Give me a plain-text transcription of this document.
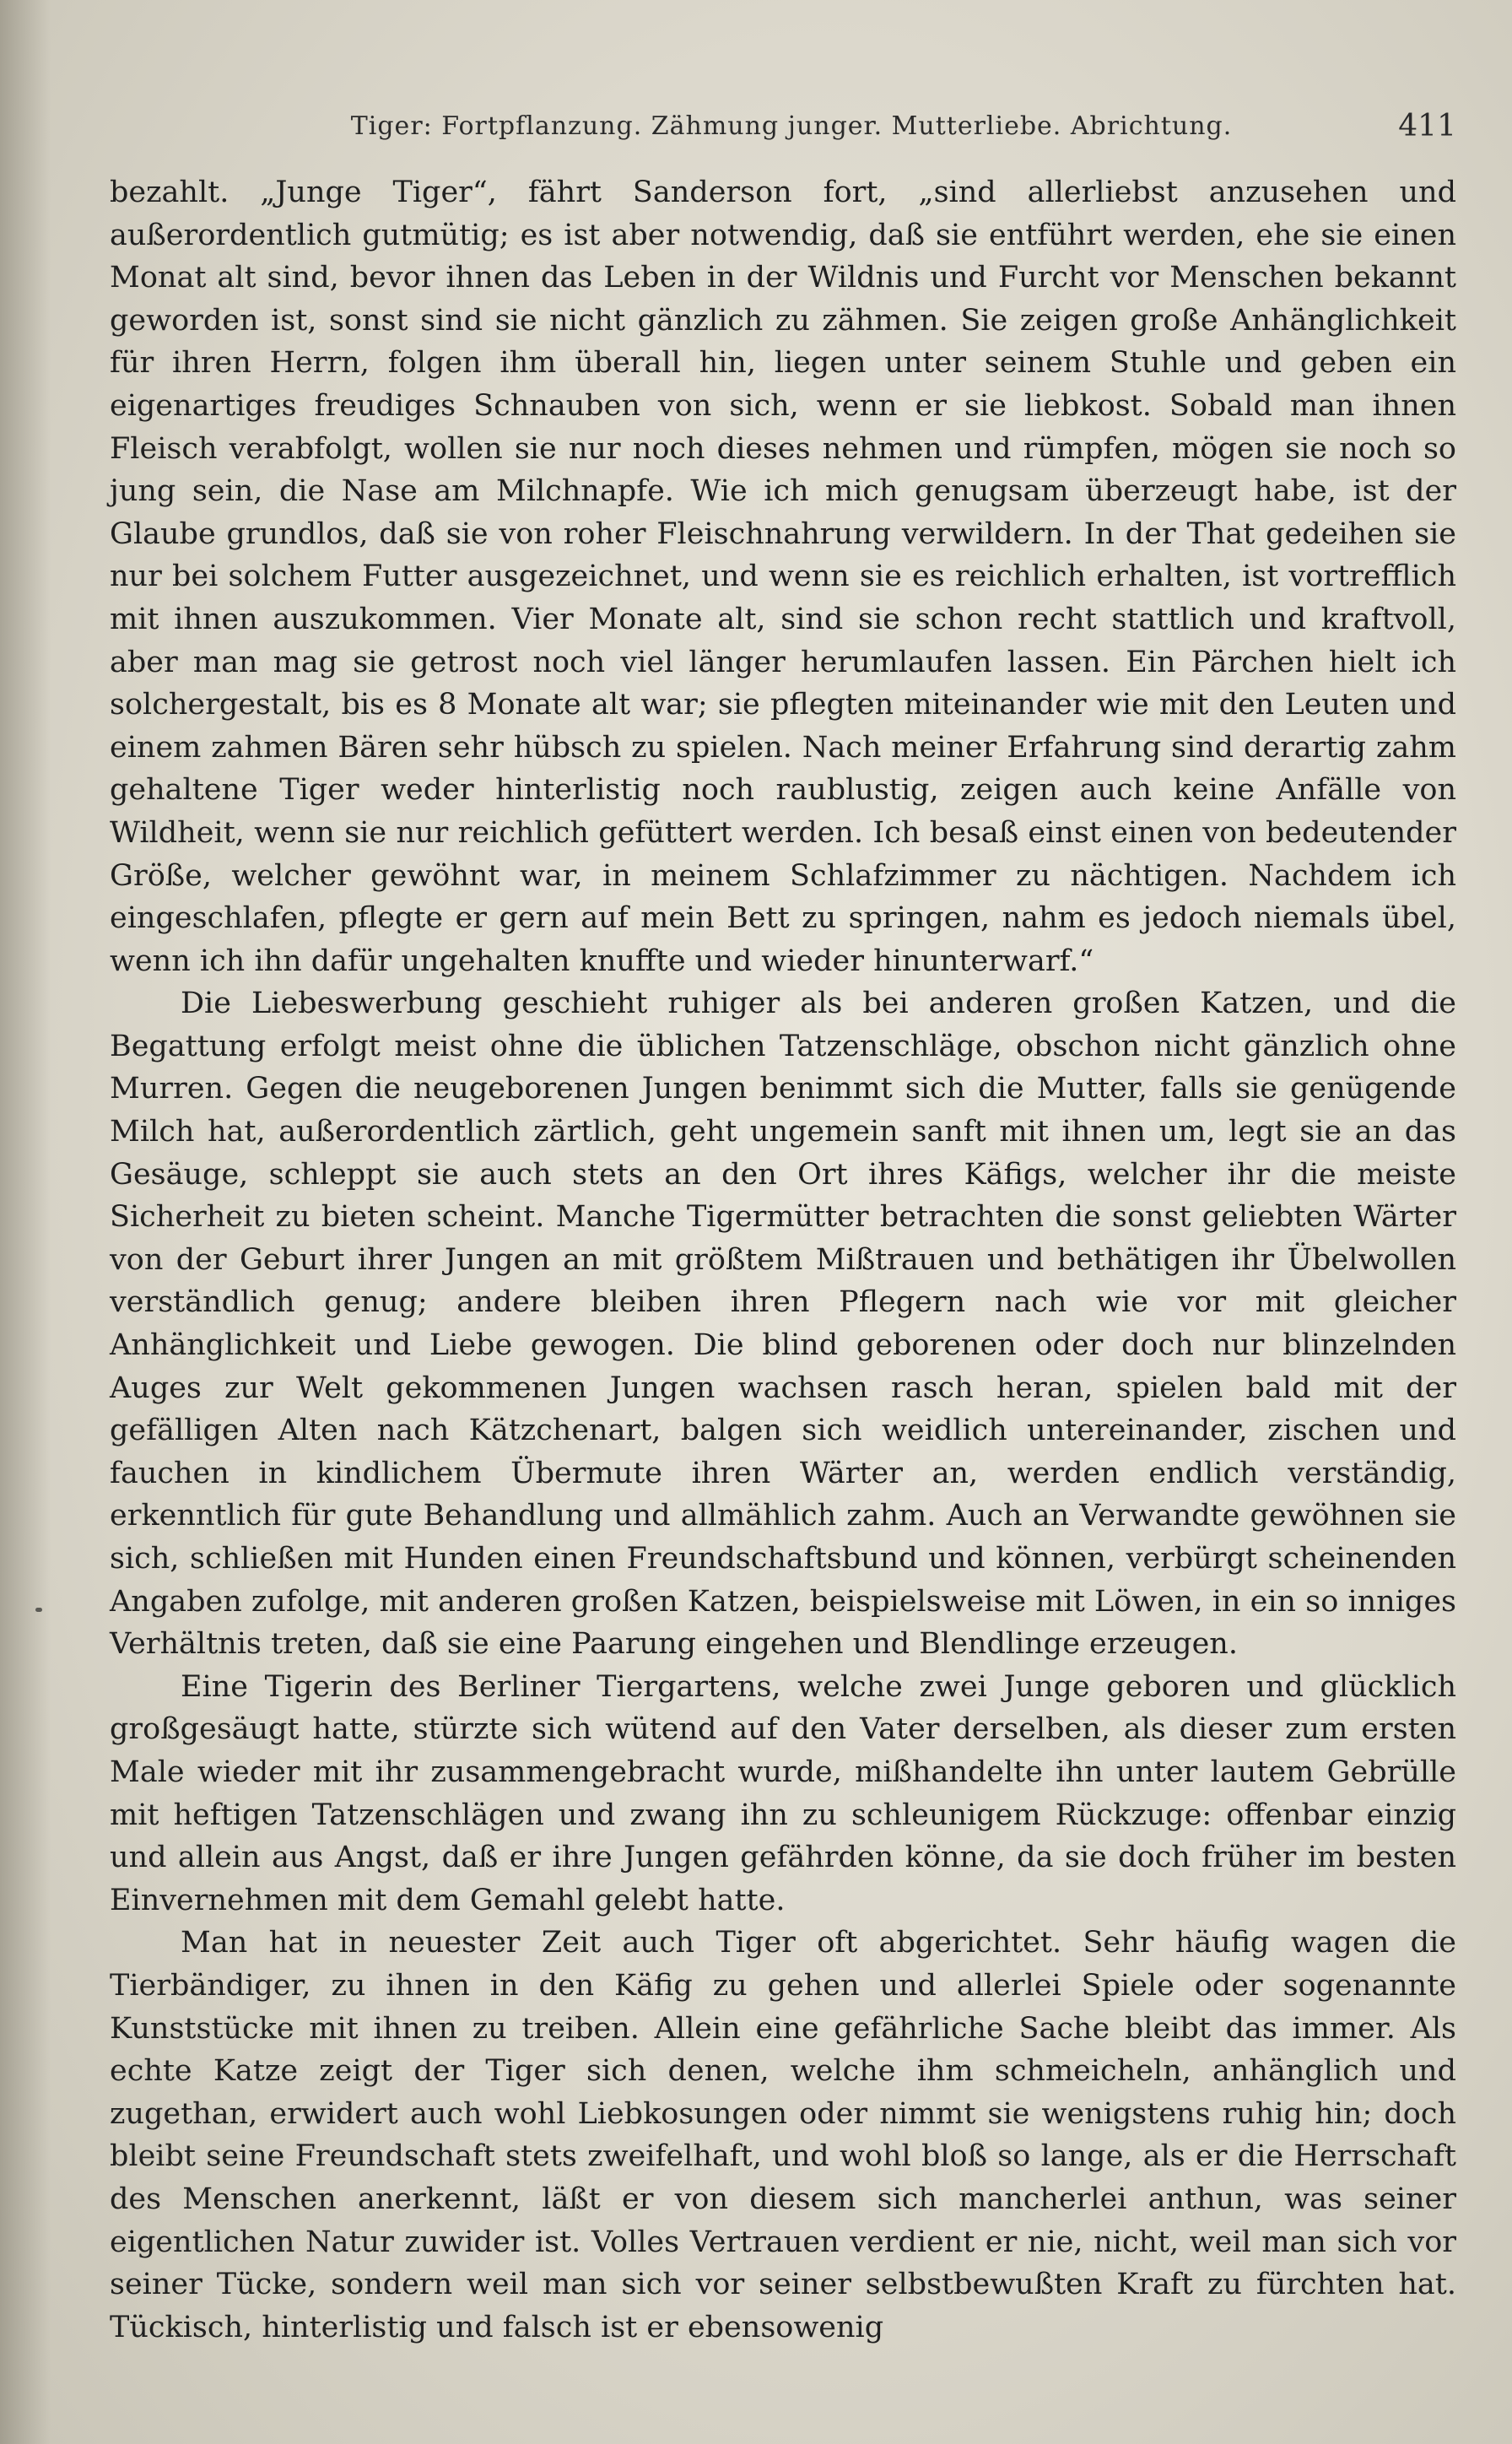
Tiger: Fortpflanzung. Zähmung junger. Mutterliebe. Abrichtung.	411

bezahlt. „Junge Tiger“, fährt Sanderson fort, „sind allerliebst anzusehen und außerordentlich gutmütig; es ist aber notwendig, daß sie entführt werden, ehe sie einen Monat alt sind, bevor ihnen das Leben in der Wildnis und Furcht vor Menschen bekannt geworden ist, sonst sind sie nicht gänzlich zu zähmen. Sie zeigen große Anhänglichkeit für ihren Herrn, folgen ihm überall hin, liegen unter seinem Stuhle und geben ein eigenartiges freudiges Schnauben von sich, wenn er sie liebkost. Sobald man ihnen Fleisch verabfolgt, wollen sie nur noch dieses nehmen und rümpfen, mögen sie noch so jung sein, die Nase am Milchnapfe. Wie ich mich genugsam überzeugt habe, ist der Glaube grundlos, daß sie von roher Fleischnahrung verwildern. In der That gedeihen sie nur bei solchem Futter ausgezeichnet, und wenn sie es reichlich erhalten, ist vortrefflich mit ihnen auszukommen. Vier Monate alt, sind sie schon recht stattlich und kraftvoll, aber man mag sie getrost noch viel länger herumlaufen lassen. Ein Pärchen hielt ich solchergestalt, bis es 8 Monate alt war; sie pflegten miteinander wie mit den Leuten und einem zahmen Bären sehr hübsch zu spielen. Nach meiner Erfahrung sind derartig zahm gehaltene Tiger weder hinterlistig noch raublustig, zeigen auch keine Anfälle von Wildheit, wenn sie nur reichlich gefüttert werden. Ich besaß einst einen von bedeutender Größe, welcher gewöhnt war, in meinem Schlafzimmer zu nächtigen. Nachdem ich eingeschlafen, pflegte er gern auf mein Bett zu springen, nahm es jedoch niemals übel, wenn ich ihn dafür ungehalten knuffte und wieder hinunterwarf.“

Die Liebeswerbung geschieht ruhiger als bei anderen großen Katzen, und die Begattung erfolgt meist ohne die üblichen Tatzenschläge, obschon nicht gänzlich ohne Murren. Gegen die neugeborenen Jungen benimmt sich die Mutter, falls sie genügende Milch hat, außerordentlich zärtlich, geht ungemein sanft mit ihnen um, legt sie an das Gesäuge, schleppt sie auch stets an den Ort ihres Käfigs, welcher ihr die meiste Sicherheit zu bieten scheint. Manche Tigermütter betrachten die sonst geliebten Wärter von der Geburt ihrer Jungen an mit größtem Mißtrauen und bethätigen ihr Übelwollen verständlich genug; andere bleiben ihren Pflegern nach wie vor mit gleicher Anhänglichkeit und Liebe gewogen. Die blind geborenen oder doch nur blinzelnden Auges zur Welt gekommenen Jungen wachsen rasch heran, spielen bald mit der gefälligen Alten nach Kätzchenart, balgen sich weidlich untereinander, zischen und fauchen in kindlichem Übermute ihren Wärter an, werden endlich verständig, erkenntlich für gute Behandlung und allmählich zahm. Auch an Verwandte gewöhnen sie sich, schließen mit Hunden einen Freundschaftsbund und können, verbürgt scheinenden Angaben zufolge, mit anderen großen Katzen, beispielsweise mit Löwen, in ein so inniges Verhältnis treten, daß sie eine Paarung eingehen und Blendlinge erzeugen.

Eine Tigerin des Berliner Tiergartens, welche zwei Junge geboren und glücklich großgesäugt hatte, stürzte sich wütend auf den Vater derselben, als dieser zum ersten Male wieder mit ihr zusammengebracht wurde, mißhandelte ihn unter lautem Gebrülle mit heftigen Tatzenschlägen und zwang ihn zu schleunigem Rückzuge: offenbar einzig und allein aus Angst, daß er ihre Jungen gefährden könne, da sie doch früher im besten Einvernehmen mit dem Gemahl gelebt hatte.

Man hat in neuester Zeit auch Tiger oft abgerichtet. Sehr häufig wagen die Tierbändiger, zu ihnen in den Käfig zu gehen und allerlei Spiele oder sogenannte Kunststücke mit ihnen zu treiben. Allein eine gefährliche Sache bleibt das immer. Als echte Katze zeigt der Tiger sich denen, welche ihm schmeicheln, anhänglich und zugethan, erwidert auch wohl Liebkosungen oder nimmt sie wenigstens ruhig hin; doch bleibt seine Freundschaft stets zweifelhaft, und wohl bloß so lange, als er die Herrschaft des Menschen anerkennt, läßt er von diesem sich mancherlei anthun, was seiner eigentlichen Natur zuwider ist. Volles Vertrauen verdient er nie, nicht, weil man sich vor seiner Tücke, sondern weil man sich vor seiner selbstbewußten Kraft zu fürchten hat. Tückisch, hinterlistig und falsch ist er ebensowenig
